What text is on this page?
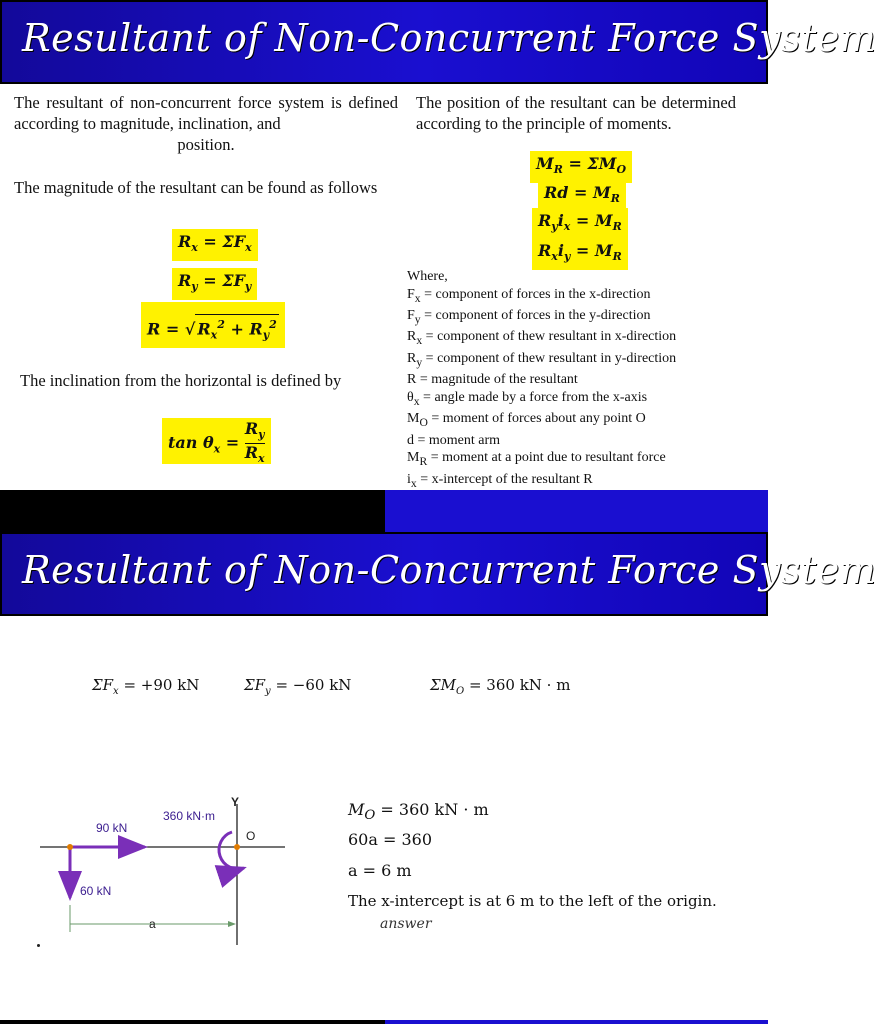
Resultant of Non-Concurrent Force System
The resultant of non-concurrent force system is defined according to magnitude, inclination, and
position.
The magnitude of the resultant can be found as follows
$R_x = \Sigma F_x$
$R_y = \Sigma F_y$
R = √ $R_x^2 + R_y^2$
The inclination from the horizontal is defined by
$\tan \theta_x = \frac{R_y}{R_x}$
The position of the resultant can be determined according to the principle of moments.
$M_R = \Sigma M_O$
$Rd = M_R$
$R_yi_x = M_R$
$R_xi_y = M_R$
Where,
$F_x$ = component of forces in the x-direction
$F_y$ = component of forces in the y-direction
$R_x$ = component of thew resultant in x-direction
$R_y$ = component of thew resultant in y-direction
R = magnitude of the resultant
$\theta_x$ = angle made by a force from the x-axis
$M_O$ = moment of forces about any point O
d = moment arm
$M_R$ = moment at a point due to resultant force
$i_x$ = x-intercept of the resultant R
Resultant of Non-Concurrent Force System
$\Sigma F_x = +90$ kN	$\Sigma F_y = -60$ kN	$\Sigma M_O = 360$ kN · m
90 kN
60 kN
360 kN·m
Y
O
a
$M_O = 360$ kN · m
60a = 360
a = 6 m
The x-intercept is at 6 m to the left of the origin.
answer
